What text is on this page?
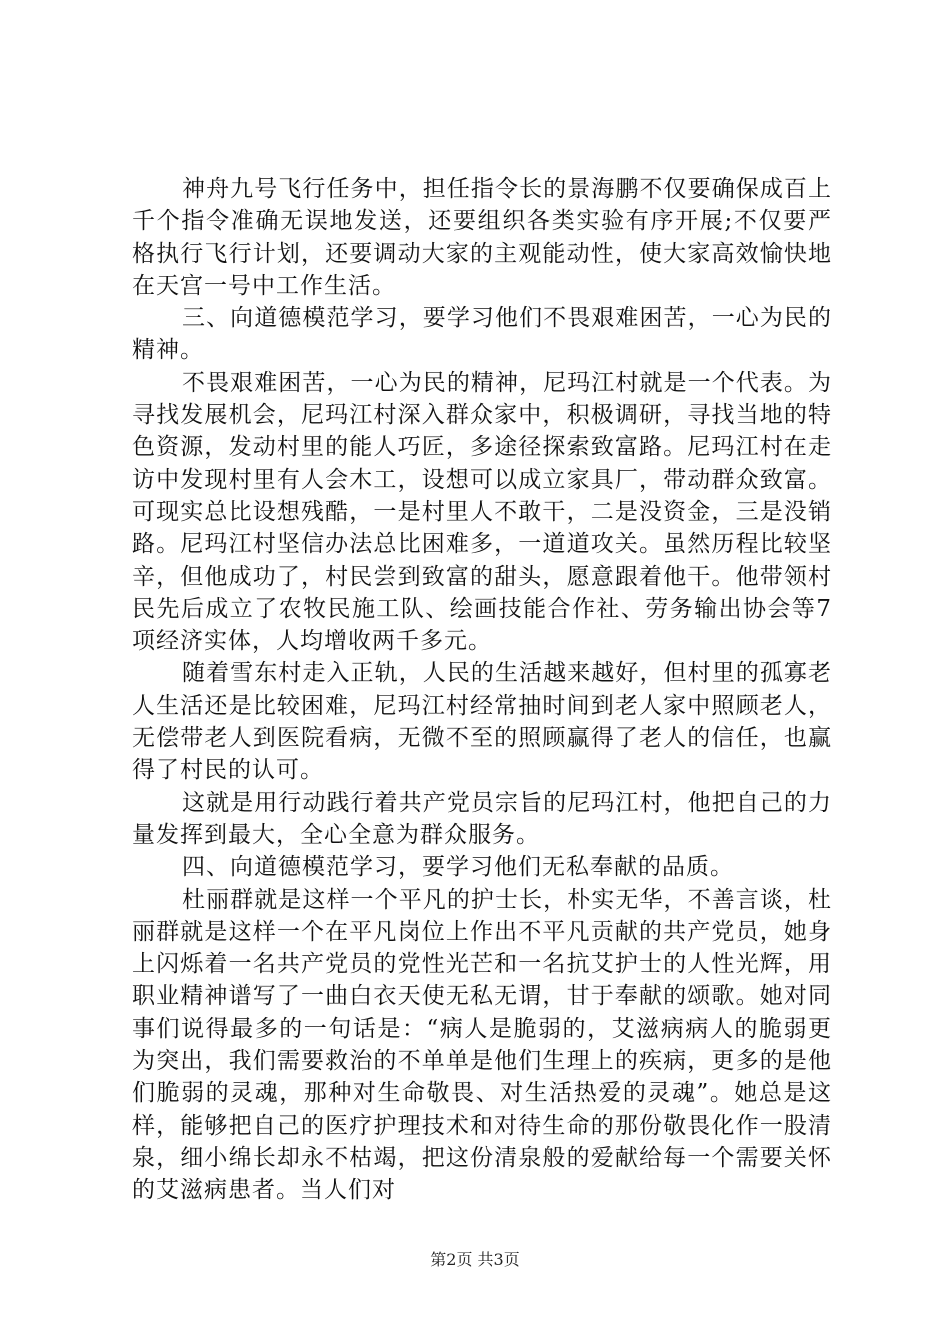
神舟九号飞行任务中，担任指令长的景海鹏不仅要确保成百上千个指令准确无误地发送，还要组织各类实验有序开展;不仅要严格执行飞行计划，还要调动大家的主观能动性，使大家高效愉快地在天宫一号中工作生活。

三、向道德模范学习，要学习他们不畏艰难困苦，一心为民的精神。

不畏艰难困苦，一心为民的精神，尼玛江村就是一个代表。为寻找发展机会，尼玛江村深入群众家中，积极调研，寻找当地的特色资源，发动村里的能人巧匠，多途径探索致富路。尼玛江村在走访中发现村里有人会木工，设想可以成立家具厂，带动群众致富。可现实总比设想残酷，一是村里人不敢干，二是没资金，三是没销路。尼玛江村坚信办法总比困难多，一道道攻关。虽然历程比较坚辛，但他成功了，村民尝到致富的甜头，愿意跟着他干。他带领村民先后成立了农牧民施工队、绘画技能合作社、劳务输出协会等7项经济实体，人均增收两千多元。

随着雪东村走入正轨，人民的生活越来越好，但村里的孤寡老人生活还是比较困难，尼玛江村经常抽时间到老人家中照顾老人，无偿带老人到医院看病，无微不至的照顾赢得了老人的信任，也赢得了村民的认可。

这就是用行动践行着共产党员宗旨的尼玛江村，他把自己的力量发挥到最大，全心全意为群众服务。

四、向道德模范学习，要学习他们无私奉献的品质。

杜丽群就是这样一个平凡的护士长，朴实无华，不善言谈，杜丽群就是这样一个在平凡岗位上作出不平凡贡献的共产党员，她身上闪烁着一名共产党员的党性光芒和一名抗艾护士的人性光辉，用职业精神谱写了一曲白衣天使无私无谓，甘于奉献的颂歌。她对同事们说得最多的一句话是：“病人是脆弱的，艾滋病病人的脆弱更为突出，我们需要救治的不单单是他们生理上的疾病，更多的是他们脆弱的灵魂，那种对生命敬畏、对生活热爱的灵魂”。她总是这样，能够把自己的医疗护理技术和对待生命的那份敬畏化作一股清泉，细小绵长却永不枯竭，把这份清泉般的爱献给每一个需要关怀的艾滋病患者。当人们对

第2页 共3页
